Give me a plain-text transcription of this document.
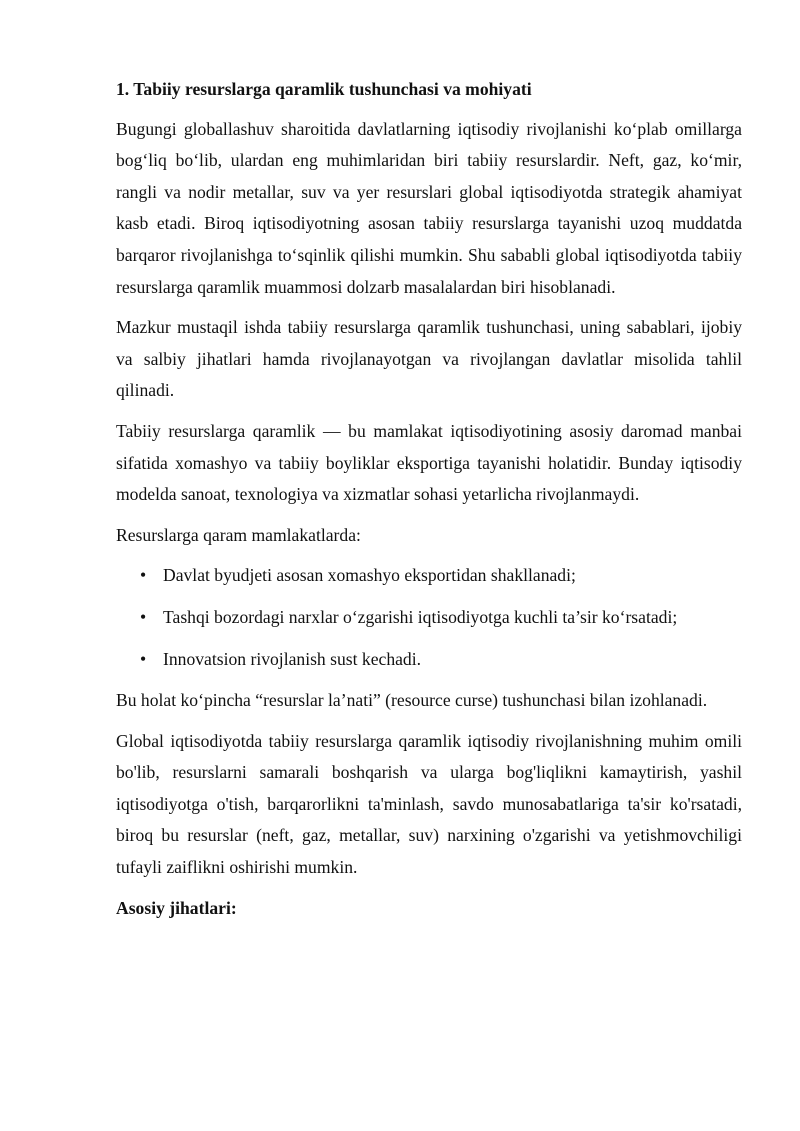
1. Tabiiy resurslarga qaramlik tushunchasi va mohiyati

Bugungi globallashuv sharoitida davlatlarning iqtisodiy rivojlanishi koʻplab omillarga bogʻliq boʻlib, ulardan eng muhimlaridan biri tabiiy resurslardir. Neft, gaz, koʻmir, rangli va nodir metallar, suv va yer resurslari global iqtisodiyotda strategik ahamiyat kasb etadi. Biroq iqtisodiyotning asosan tabiiy resurslarga tayanishi uzoq muddatda barqaror rivojlanishga toʻsqinlik qilishi mumkin. Shu sababli global iqtisodiyotda tabiiy resurslarga qaramlik muammosi dolzarb masalalardan biri hisoblanadi.

Mazkur mustaqil ishda tabiiy resurslarga qaramlik tushunchasi, uning sabablari, ijobiy va salbiy jihatlari hamda rivojlanayotgan va rivojlangan davlatlar misolida tahlil qilinadi.

Tabiiy resurslarga qaramlik — bu mamlakat iqtisodiyotining asosiy daromad manbai sifatida xomashyo va tabiiy boyliklar eksportiga tayanishi holatidir. Bunday iqtisodiy modelda sanoat, texnologiya va xizmatlar sohasi yetarlicha rivojlanmaydi.

Resurslarga qaram mamlakatlarda:

• Davlat byudjeti asosan xomashyo eksportidan shakllanadi;
• Tashqi bozordagi narxlar oʻzgarishi iqtisodiyotga kuchli ta’sir koʻrsatadi;
• Innovatsion rivojlanish sust kechadi.

Bu holat koʻpincha “resurslar la’nati” (resource curse) tushunchasi bilan izohlanadi.

Global iqtisodiyotda tabiiy resurslarga qaramlik iqtisodiy rivojlanishning muhim omili bo'lib, resurslarni samarali boshqarish va ularga bog'liqlikni kamaytirish, yashil iqtisodiyotga o'tish, barqarorlikni ta'minlash, savdo munosabatlariga ta'sir ko'rsatadi, biroq bu resurslar (neft, gaz, metallar, suv) narxining o'zgarishi va yetishmovchiligi tufayli zaiflikni oshirishi mumkin.

Asosiy jihatlari:
